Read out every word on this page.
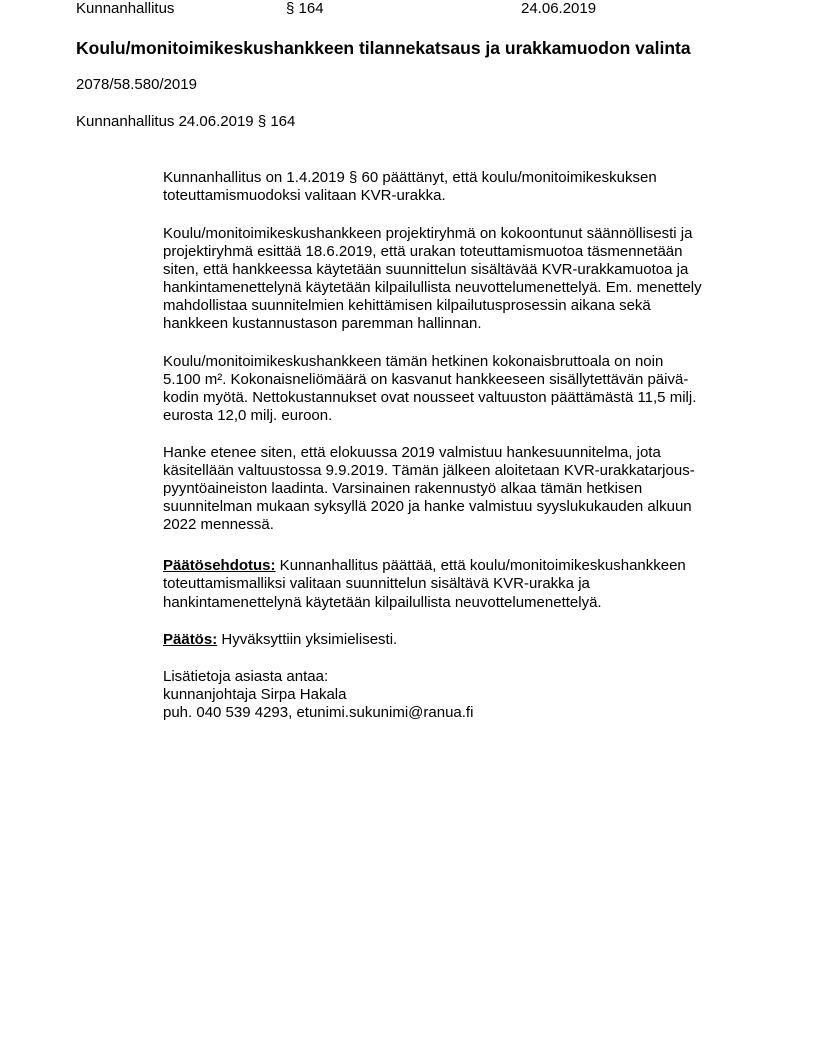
Kunnanhallitus	§ 164	24.06.2019
Koulu/monitoimikeskushankkeen tilannekatsaus ja urakkamuodon valinta
2078/58.580/2019
Kunnanhallitus 24.06.2019 § 164
Kunnanhallitus on 1.4.2019 § 60 päättänyt, että koulu/monitoimikeskuksen
toteuttamismuodoksi valitaan KVR-urakka.
Koulu/monitoimikeskushankkeen projektiryhmä on kokoontunut säännöllisesti ja
projektiryhmä esittää 18.6.2019, että urakan toteuttamismuotoa täsmennetään
siten, että hankkeessa käytetään suunnittelun sisältävää KVR-urakkamuotoa ja
hankintamenettelynä käytetään kilpailullista neuvottelumenettelyä. Em. menettely
mahdollistaa suunnitelmien kehittämisen kilpailutusprosessin aikana sekä
hankkeen kustannustason paremman hallinnan.
Koulu/monitoimikeskushankkeen tämän hetkinen kokonaisbruttoala on noin
5.100 m². Kokonaisneliömäärä on kasvanut hankkeeseen sisällytettävän päivä-
kodin myötä. Nettokustannukset ovat nousseet valtuuston päättämästä 11,5 milj.
eurosta 12,0 milj. euroon.
Hanke etenee siten, että elokuussa 2019 valmistuu hankesuunnitelma, jota
käsitellään valtuustossa 9.9.2019. Tämän jälkeen aloitetaan KVR-urakkatarjous-
pyyntöaineiston laadinta. Varsinainen rakennustyö alkaa tämän hetkisen
suunnitelman mukaan syksyllä 2020 ja hanke valmistuu syyslukukauden alkuun
2022 mennessä.
Päätösehdotus: Kunnanhallitus päättää, että koulu/monitoimikeskushankkeen
toteuttamismalliksi valitaan suunnittelun sisältävä KVR-urakka ja
hankintamenettelynä käytetään kilpailullista neuvottelumenettelyä.
Päätös: Hyväksyttiin yksimielisesti.
Lisätietoja asiasta antaa:
kunnanjohtaja Sirpa Hakala
puh. 040 539 4293, etunimi.sukunimi@ranua.fi
